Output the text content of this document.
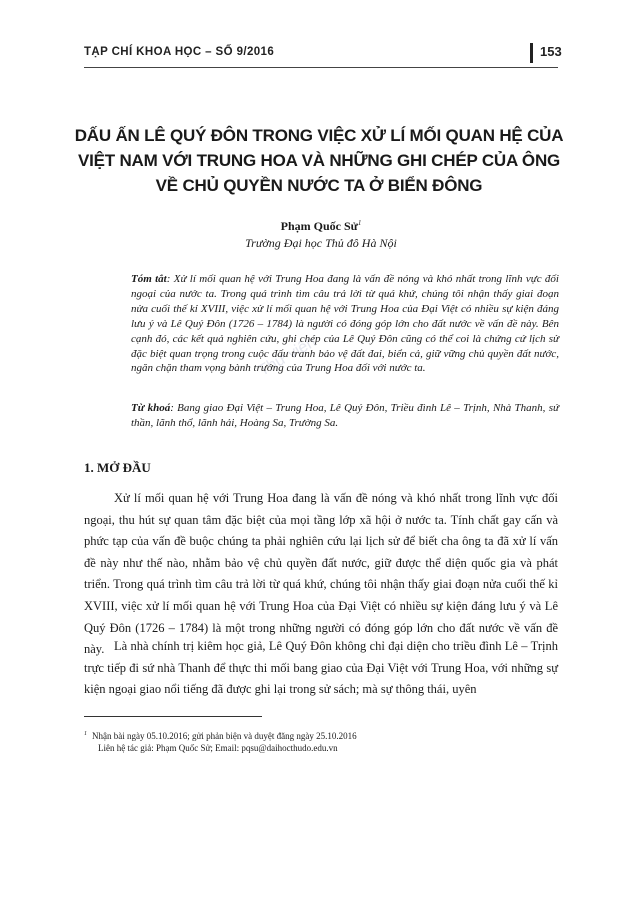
TẠP CHÍ KHOA HỌC – SỐ 9/2016	153
DẤU ẤN LÊ QUÝ ĐÔN TRONG VIỆC XỬ LÍ MỐI QUAN HỆ CỦA VIỆT NAM VỚI TRUNG HOA VÀ NHỮNG GHI CHÉP CỦA ÔNG VỀ CHỦ QUYỀN NƯỚC TA Ở BIỂN ĐÔNG
Phạm Quốc Sử$^1$
Trường Đại học Thủ đô Hà Nội
Thư viện
Tóm tắt: Xử lí mối quan hệ với Trung Hoa đang là vấn đề nóng và khó nhất trong lĩnh vực đối ngoại của nước ta. Trong quá trình tìm câu trả lời từ quá khứ, chúng tôi nhận thấy giai đoạn nửa cuối thế kỉ XVIII, việc xử lí mối quan hệ với Trung Hoa của Đại Việt có nhiều sự kiện đáng lưu ý và Lê Quý Đôn (1726 – 1784) là người có đóng góp lớn cho đất nước về vấn đề này. Bên cạnh đó, các kết quả nghiên cứu, ghi chép của Lê Quý Đôn cũng có thể coi là chứng cứ lịch sử đặc biệt quan trọng trong cuộc đấu tranh bảo vệ đất đai, biển cả, giữ vững chủ quyền đất nước, ngăn chặn tham vọng bành trướng của Trung Hoa đối với nước ta.
Từ khoá: Bang giao Đại Việt – Trung Hoa, Lê Quý Đôn, Triều đình Lê – Trịnh, Nhà Thanh, sứ thần, lãnh thổ, lãnh hải, Hoàng Sa, Trường Sa.
1. MỞ ĐẦU
Xử lí mối quan hệ với Trung Hoa đang là vấn đề nóng và khó nhất trong lĩnh vực đối ngoại, thu hút sự quan tâm đặc biệt của mọi tầng lớp xã hội ở nước ta. Tính chất gay cấn và phức tạp của vấn đề buộc chúng ta phải nghiên cứu lại lịch sử để biết cha ông ta đã xử lí vấn đề này như thế nào, nhằm bảo vệ chủ quyền đất nước, giữ được thể diện quốc gia và phát triển. Trong quá trình tìm câu trả lời từ quá khứ, chúng tôi nhận thấy giai đoạn nửa cuối thế kỉ XVIII, việc xử lí mối quan hệ với Trung Hoa của Đại Việt có nhiều sự kiện đáng lưu ý và Lê Quý Đôn (1726 – 1784) là một trong những người có đóng góp lớn cho đất nước về vấn đề này. Là nhà chính trị kiêm học giả, Lê Quý Đôn không chỉ đại diện cho triều đình Lê – Trịnh trực tiếp đi sứ nhà Thanh để thực thi mối bang giao của Đại Việt với Trung Hoa, với những sự kiện ngoại giao nổi tiếng đã được ghi lại trong sử sách; mà sự thông thái, uyên
$^1$ Nhận bài ngày 05.10.2016; gửi phản biện và duyệt đăng ngày 25.10.2016
Liên hệ tác giả: Phạm Quốc Sử; Email: pqsu@daihocthudo.edu.vn
